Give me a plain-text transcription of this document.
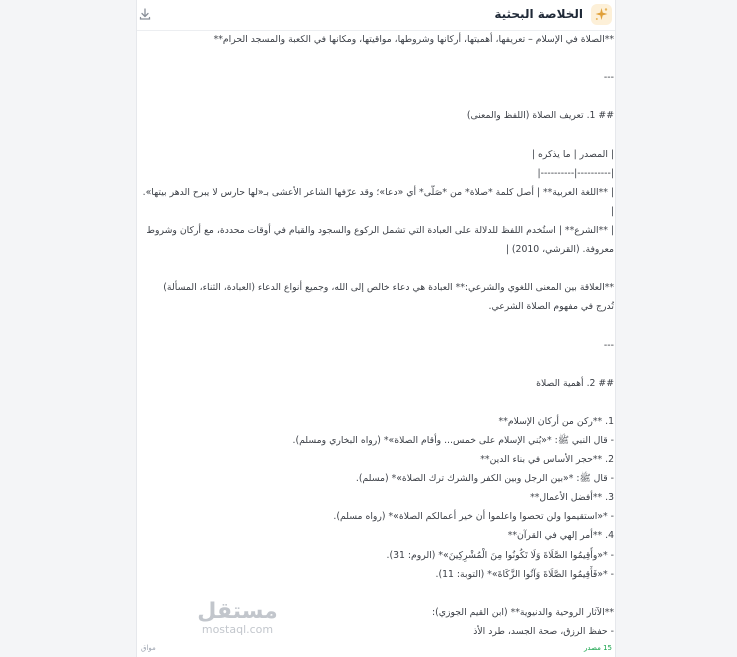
الخلاصة البحثية
**الصلاة في الإسلام – تعريفها، أهميتها، أركانها وشروطها، مواقيتها، ومكانها في الكعبة والمسجد الحرام**
---
## 1. تعريف الصلاة (اللفظ والمعنى)
| المصدر | ما يذكره |
|----------|----------|
| **اللغة العربية** | أصل كلمة *صلاة* من *صَلّى* أي «دعا»؛ وقد عرّفها الشاعر الأعشى بـ«لها حارس لا يبرح الدهر بيتها».
|
| **الشرع** | استُخدم اللفظ للدلالة على العبادة التي تشمل الركوع والسجود والقيام في أوقات محددة، مع أركان وشروط
معروفة. (القرشي، 2010) |
**العلاقة بين المعنى اللغوي والشرعي:** العبادة هي دعاء خالص إلى الله، وجميع أنواع الدعاء (العبادة، الثناء، المسألة)
تُدرج في مفهوم الصلاة الشرعي.
---
## 2. أهمية الصلاة
1. **ركن من أركان الإسلام**
- قال النبي ﷺ: *«بُني الإسلام على خمس... وأقام الصلاة»* (رواه البخاري ومسلم).
2. **حجر الأساس في بناء الدين**
- قال ﷺ: *«بين الرجل وبين الكفر والشرك ترك الصلاة»* (مسلم).
3. **أفضل الأعمال**
- *«استقيموا ولن تحصوا واعلموا أن خير أعمالكم الصلاة»* (رواه مسلم).
4. **أمر إلهي في القرآن**
- *«وأَقِيمُوا الصَّلَاةَ وَلَا تَكُونُوا مِنَ الْمُشْرِكِينَ»* (الروم: 31).
- *«فَأَقِيمُوا الصَّلَاةَ وَآتُوا الزَّكَاةَ»* (التوبة: 11).
**الآثار الروحية والدنيوية** (ابن القيم الجوزي):
- حفظ الرزق، صحة الجسد، طرد الأذ
15 مصدر
مواق
مستقل
mostaql.com
